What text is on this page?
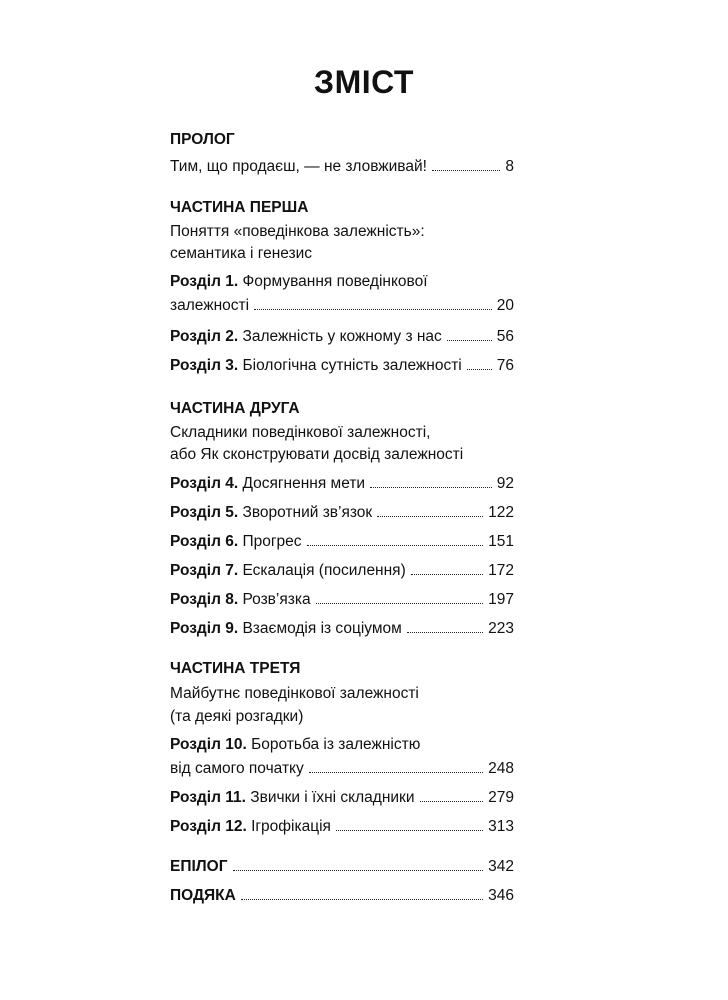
ЗМІСТ
ПРОЛОГ
Тим, що продаєш, — не зловживай!	8
ЧАСТИНА ПЕРША
Поняття «поведінкова залежність»:
семантика і генезис
Розділ 1. Формування поведінкової
залежності	20
Розділ 2. Залежність у кожному з нас	56
Розділ 3. Біологічна сутність залежності 76
ЧАСТИНА ДРУГА
Складники поведінкової залежності,
або Як сконструювати досвід залежності
Розділ 4. Досягнення мети	92
Розділ 5. Зворотний зв’язок	122
Розділ 6. Прогрес	151
Розділ 7. Ескалація (посилення)	172
Розділ 8. Розв’язка	197
Розділ 9. Взаємодія із соціумом	223
ЧАСТИНА ТРЕТЯ
Майбутнє поведінкової залежності
(та деякі розгадки)
Розділ 10. Боротьба із залежністю
від самого початку	248
Розділ 11. Звички і їхні складники	279
Розділ 12. Ігрофікація	313
ЕПІЛОГ	342
ПОДЯКА	346
